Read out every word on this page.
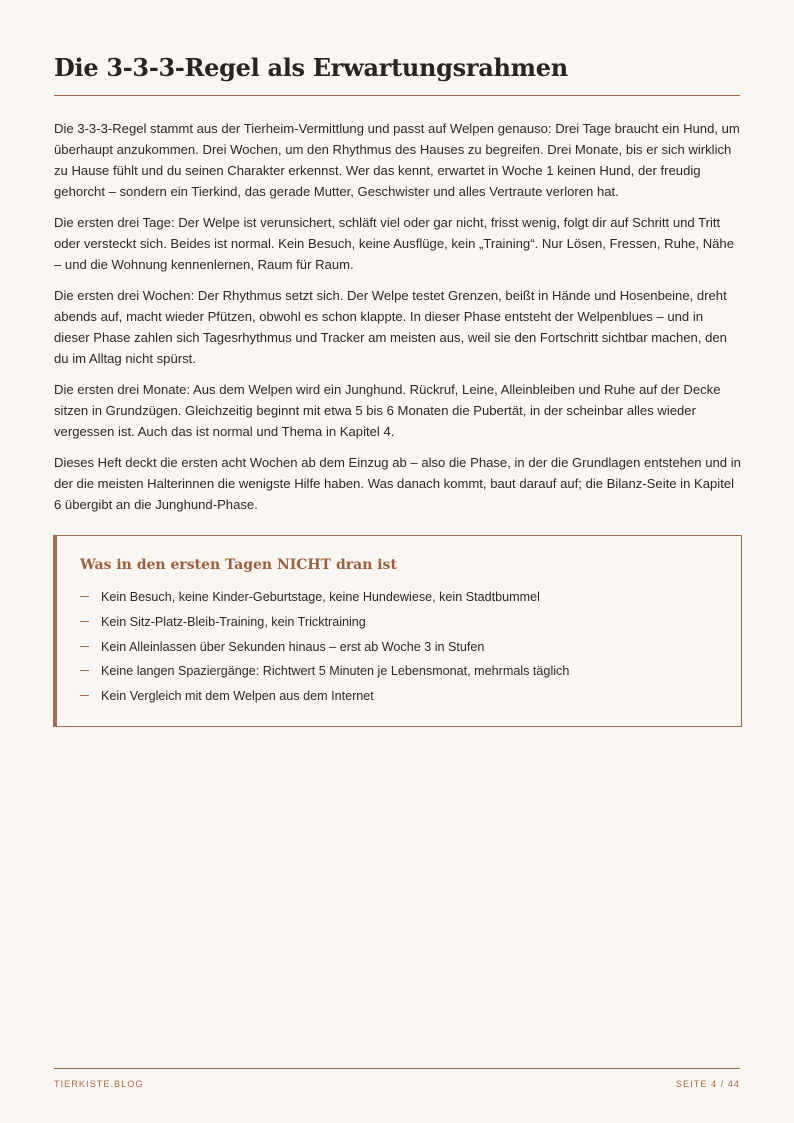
Die 3-3-3-Regel als Erwartungsrahmen

Die 3-3-3-Regel stammt aus der Tierheim-Vermittlung und passt auf Welpen genauso: Drei Tage braucht ein Hund, um überhaupt anzukommen. Drei Wochen, um den Rhythmus des Hauses zu begreifen. Drei Monate, bis er sich wirklich zu Hause fühlt und du seinen Charakter erkennst. Wer das kennt, erwartet in Woche 1 keinen Hund, der freudig gehorcht – sondern ein Tierkind, das gerade Mutter, Geschwister und alles Vertraute verloren hat.

Die ersten drei Tage: Der Welpe ist verunsichert, schläft viel oder gar nicht, frisst wenig, folgt dir auf Schritt und Tritt oder versteckt sich. Beides ist normal. Kein Besuch, keine Ausflüge, kein „Training“. Nur Lösen, Fressen, Ruhe, Nähe – und die Wohnung kennenlernen, Raum für Raum.

Die ersten drei Wochen: Der Rhythmus setzt sich. Der Welpe testet Grenzen, beißt in Hände und Hosenbeine, dreht abends auf, macht wieder Pfützen, obwohl es schon klappte. In dieser Phase entsteht der Welpenblues – und in dieser Phase zahlen sich Tagesrhythmus und Tracker am meisten aus, weil sie den Fortschritt sichtbar machen, den du im Alltag nicht spürst.

Die ersten drei Monate: Aus dem Welpen wird ein Junghund. Rückruf, Leine, Alleinbleiben und Ruhe auf der Decke sitzen in Grundzügen. Gleichzeitig beginnt mit etwa 5 bis 6 Monaten die Pubertät, in der scheinbar alles wieder vergessen ist. Auch das ist normal und Thema in Kapitel 4.

Dieses Heft deckt die ersten acht Wochen ab dem Einzug ab – also die Phase, in der die Grundlagen entstehen und in der die meisten Halterinnen die wenigste Hilfe haben. Was danach kommt, baut darauf auf; die Bilanz-Seite in Kapitel 6 übergibt an die Junghund-Phase.

Was in den ersten Tagen NICHT dran ist
Kein Besuch, keine Kinder-Geburtstage, keine Hundewiese, kein Stadtbummel
Kein Sitz-Platz-Bleib-Training, kein Tricktraining
Kein Alleinlassen über Sekunden hinaus – erst ab Woche 3 in Stufen
Keine langen Spaziergänge: Richtwert 5 Minuten je Lebensmonat, mehrmals täglich
Kein Vergleich mit dem Welpen aus dem Internet
TIERKISTE.BLOG	SEITE 4 / 44
